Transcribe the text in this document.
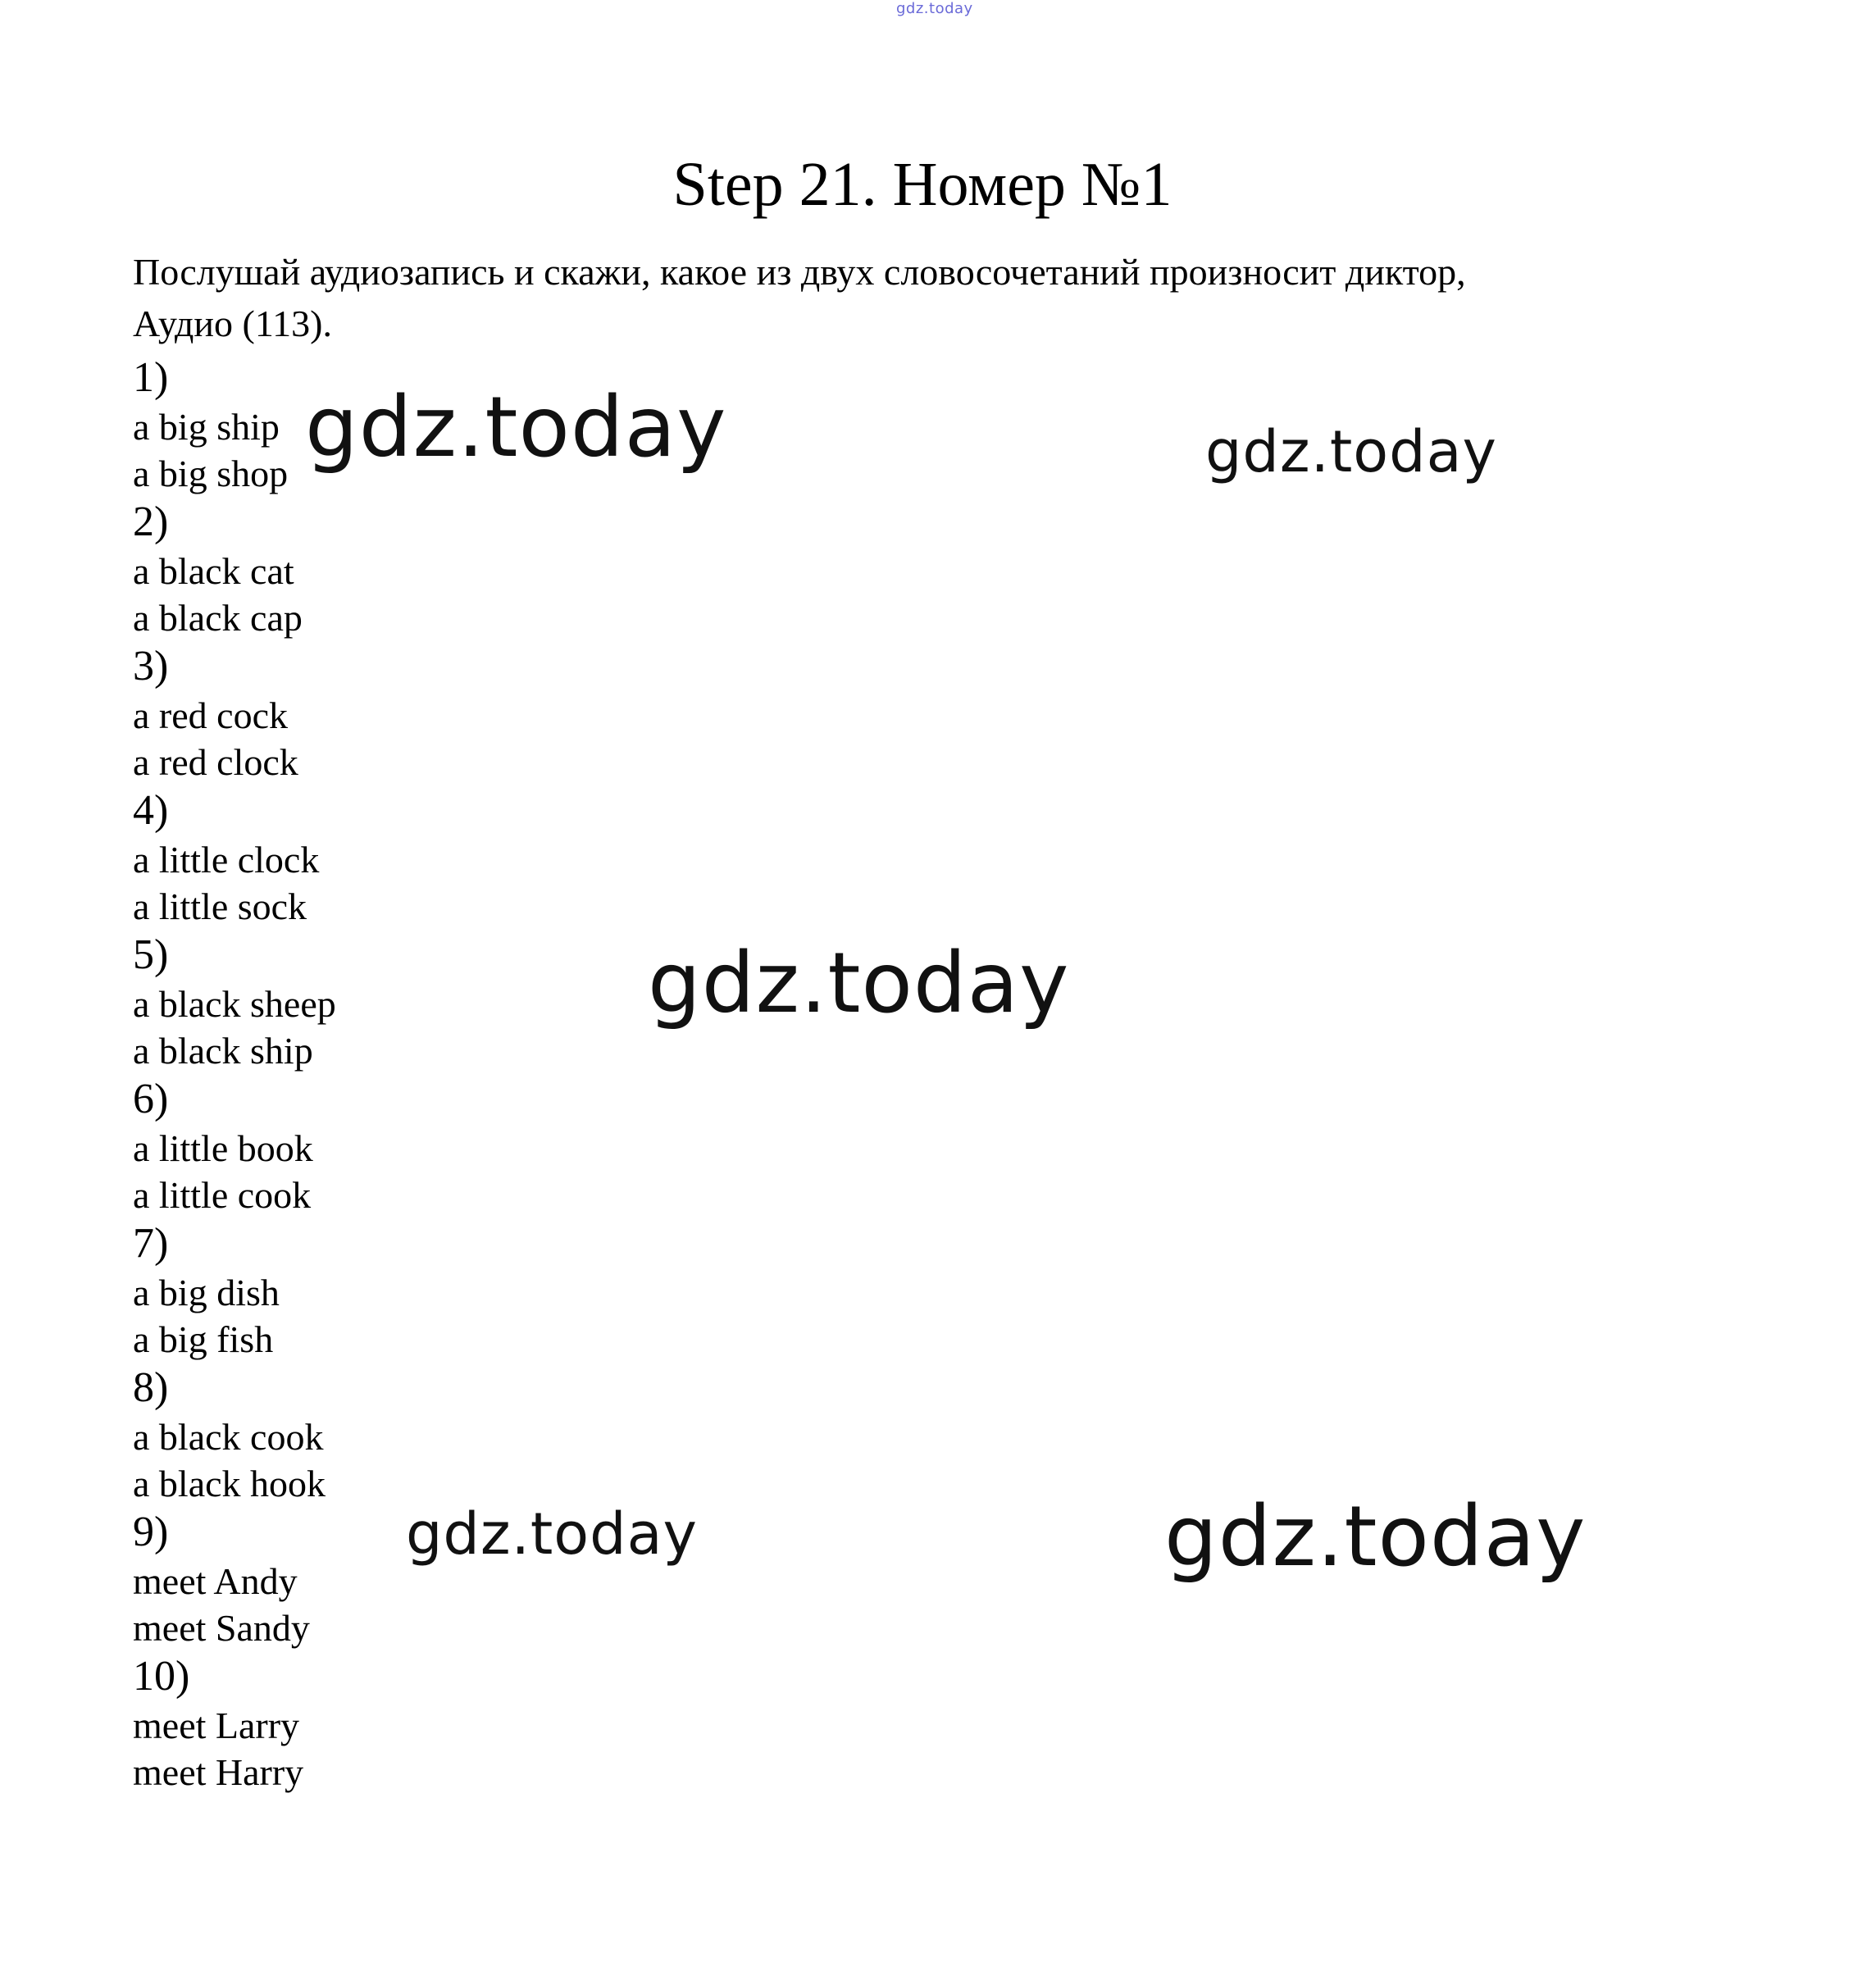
gdz.today
Step 21. Номер №1

Послушай аудиозапись и скажи, какое из двух словосочетаний произносит диктор,
Аудио (113).

1)
a big ship
a big shop
2)
a black cat
a black cap
3)
a red cock
a red clock
4)
a little clock
a little sock
5)
a black sheep
a black ship
6)
a little book
a little cook
7)
a big dish
a big fish
8)
a black cook
a black hook
9)
meet Andy
meet Sandy
10)
meet Larry
meet Harry
gdz.today	gdz.today
gdz.today
gdz.today	gdz.today
